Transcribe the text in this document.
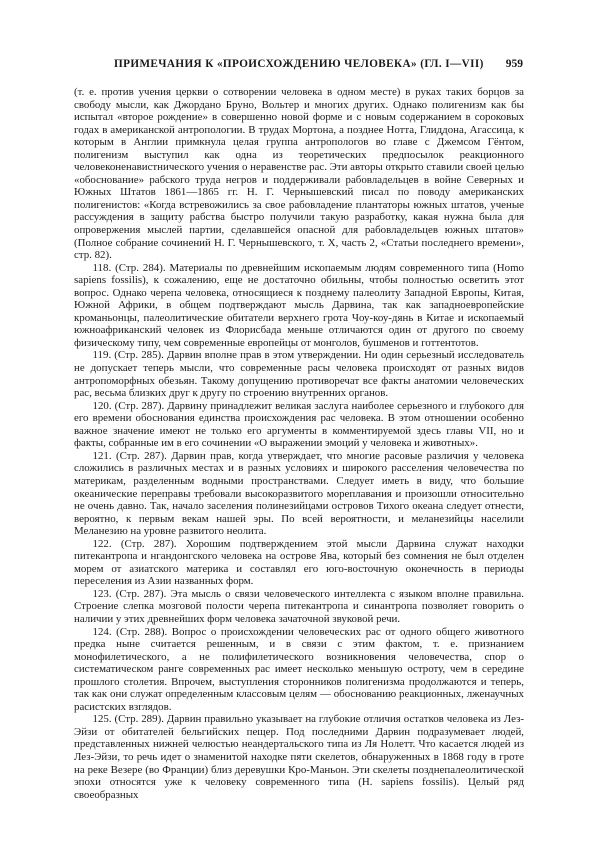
ПРИМЕЧАНИЯ К «ПРОИСХОЖДЕНИЮ ЧЕЛОВЕКА» (ГЛ. I—VII) 959

(т. е. против учения церкви о сотворении человека в одном месте) в руках таких борцов за свободу мысли, как Джордано Бруно, Вольтер и многих других. Однако полигенизм как бы испытал «второе рождение» в совершенно новой форме и с новым содержанием в сороковых годах в американской антропологии. В трудах Мортона, а позднее Нотта, Глиддона, Агассица, к которым в Англии примкнула целая группа антропологов во главе с Джемсом Гёнтом, полигенизм выступил как одна из теоретических предпосылок реакционного человеконенавистнического учения о неравенстве рас. Эти авторы открыто ставили своей целью «обоснование» рабского труда негров и поддерживали рабовладельцев в войне Северных и Южных Штатов 1861—1865 гг. Н. Г. Чернышевский писал по поводу американских полигенистов: «Когда встревожились за свое рабовладение плантаторы южных штатов, ученые рассуждения в защиту рабства быстро получили такую разработку, какая нужна была для опровержения мыслей партии, сделавшейся опасной для рабовладельцев южных штатов» (Полное собрание сочинений Н. Г. Чернышевского, т. X, часть 2, «Статьи последнего времени», стр. 82).

118. (Стр. 284). Материалы по древнейшим ископаемым людям современного типа (Homo sapiens fossilis), к сожалению, еще не достаточно обильны, чтобы полностью осветить этот вопрос. Однако черепа человека, относящиеся к позднему палеолиту Западной Европы, Китая, Южной Африки, в общем подтверждают мысль Дарвина, так как западноевропейские кроманьонцы, палеолитические обитатели верхнего грота Чоу-коу-дянь в Китае и ископаемый южноафриканский человек из Флорисбада меньше отличаются один от другого по своему физическому типу, чем современные европейцы от монголов, бушменов и готтентотов.

119. (Стр. 285). Дарвин вполне прав в этом утверждении. Ни один серьезный исследователь не допускает теперь мысли, что современные расы человека происходят от разных видов антропоморфных обезьян. Такому допущению противоречат все факты анатомии человеческих рас, весьма близких друг к другу по строению внутренних органов.

120. (Стр. 287). Дарвину принадлежит великая заслуга наиболее серьезного и глубокого для его времени обоснования единства происхождения рас человека. В этом отношении особенно важное значение имеют не только его аргументы в комментируемой здесь главы VII, но и факты, собранные им в его сочинении «О выражении эмоций у человека и животных».

121. (Стр. 287). Дарвин прав, когда утверждает, что многие расовые различия у человека сложились в различных местах и в разных условиях и широкого расселения человечества по материкам, разделенным водными пространствами. Следует иметь в виду, что большие океанические переправы требовали высокоразвитого мореплавания и произошли относительно не очень давно. Так, начало заселения полинезийцами островов Тихого океана следует отнести, вероятно, к первым векам нашей эры. По всей вероятности, и меланезийцы населили Меланезию на уровне развитого неолита.

122. (Стр. 287). Хорошим подтверждением этой мысли Дарвина служат находки питекантропа и нгандонгского человека на острове Ява, который без сомнения не был отделен морем от азиатского материка и составлял его юго-восточную оконечность в периоды переселения из Азии названных форм.

123. (Стр. 287). Эта мысль о связи человеческого интеллекта с языком вполне правильна. Строение слепка мозговой полости черепа питекантропа и синантропа позволяет говорить о наличии у этих древнейших форм человека зачаточной звуковой речи.

124. (Стр. 288). Вопрос о происхождении человеческих рас от одного общего животного предка ныне считается решенным, и в связи с этим фактом, т. е. признанием монофилетического, а не полифилетического возникновения человечества, спор о систематическом ранге современных рас имеет несколько меньшую остроту, чем в середине прошлого столетия. Впрочем, выступления сторонников полигенизма продолжаются и теперь, так как они служат определенным классовым целям — обоснованию реакционных, лженаучных расистских взглядов.

125. (Стр. 289). Дарвин правильно указывает на глубокие отличия остатков человека из Лез-Эйзи от обитателей бельгийских пещер. Под последними Дарвин подразумевает людей, представленных нижней челюстью неандертальского типа из Ля Нолетт. Что касается людей из Лез-Эйзи, то речь идет о знаменитой находке пяти скелетов, обнаруженных в 1868 году в гроте на реке Везере (во Франции) близ деревушки Кро-Маньон. Эти скелеты позднепалеолитической эпохи относятся уже к человеку современного типа (H. sapiens fossilis). Целый ряд своеобразных
